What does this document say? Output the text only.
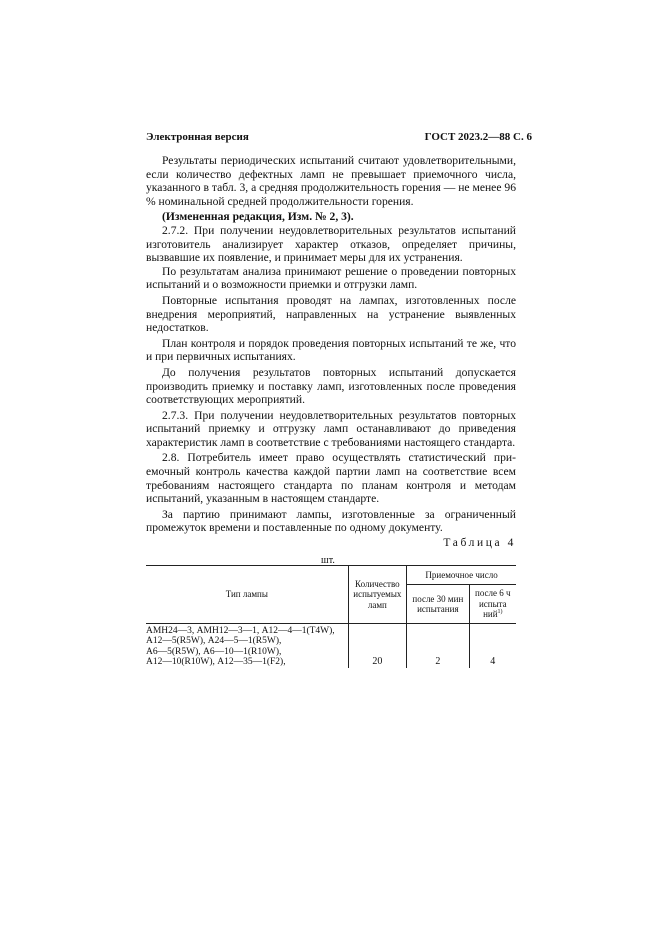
Электронная версия	ГОСТ 2023.2—88 С. 6

Результаты периодических испытаний считают удовлетворительными, если количество дефектных ламп не превышает приемочного числа, указанного в табл. 3, а средняя продолжительность горения — не менее 96 % номинальной средней продолжительности горения.

(Измененная редакция, Изм. № 2, 3).

2.7.2. При получении неудовлетворительных результатов испытаний изготовитель анализирует характер отказов, определяет причины, вызвавшие их появление, и принимает меры для их устранения.

По результатам анализа принимают решение о проведении повторных испытаний и о возможности приемки и отгрузки ламп.

Повторные испытания проводят на лампах, изготовленных после внедрения мероприятий, направленных на устранение выявленных недостатков.

План контроля и порядок проведения повторных испытаний те же, что и при первичных испытаниях.

До получения результатов повторных испытаний допускается производить приемку и поставку ламп, изготовленных после проведения соответствующих мероприятий.

2.7.3. При получении неудовлетворительных результатов повторных испытаний приемку и отгрузку ламп останавливают до приведения характеристик ламп в соответствие с требованиями настоящего стандарта.

2.8. Потребитель имеет право осуществлять статистический приемочный контроль качества каждой партии ламп на соответствие всем требованиям настоящего стандарта по планам контроля и методам испытаний, указанным в настоящем стандарте.

За партию принимают лампы, изготовленные за ограниченный промежуток времени и поставленные по одному документу.

Таблица 4
шт.
Тип лампы	Количество испытуемых ламп	Приемочное число	
		после 30 мин испытания	после 6 ч испыта ний$^{1)}$

АМН24—3, АМН12—3—1, А12—4—1(Т4W),
А12—5(R5W), А24—5—1(R5W),
А6—5(R5W), А6—10—1(R10W),
А12—10(R10W), А12—35—1(F2),	20	2	4
